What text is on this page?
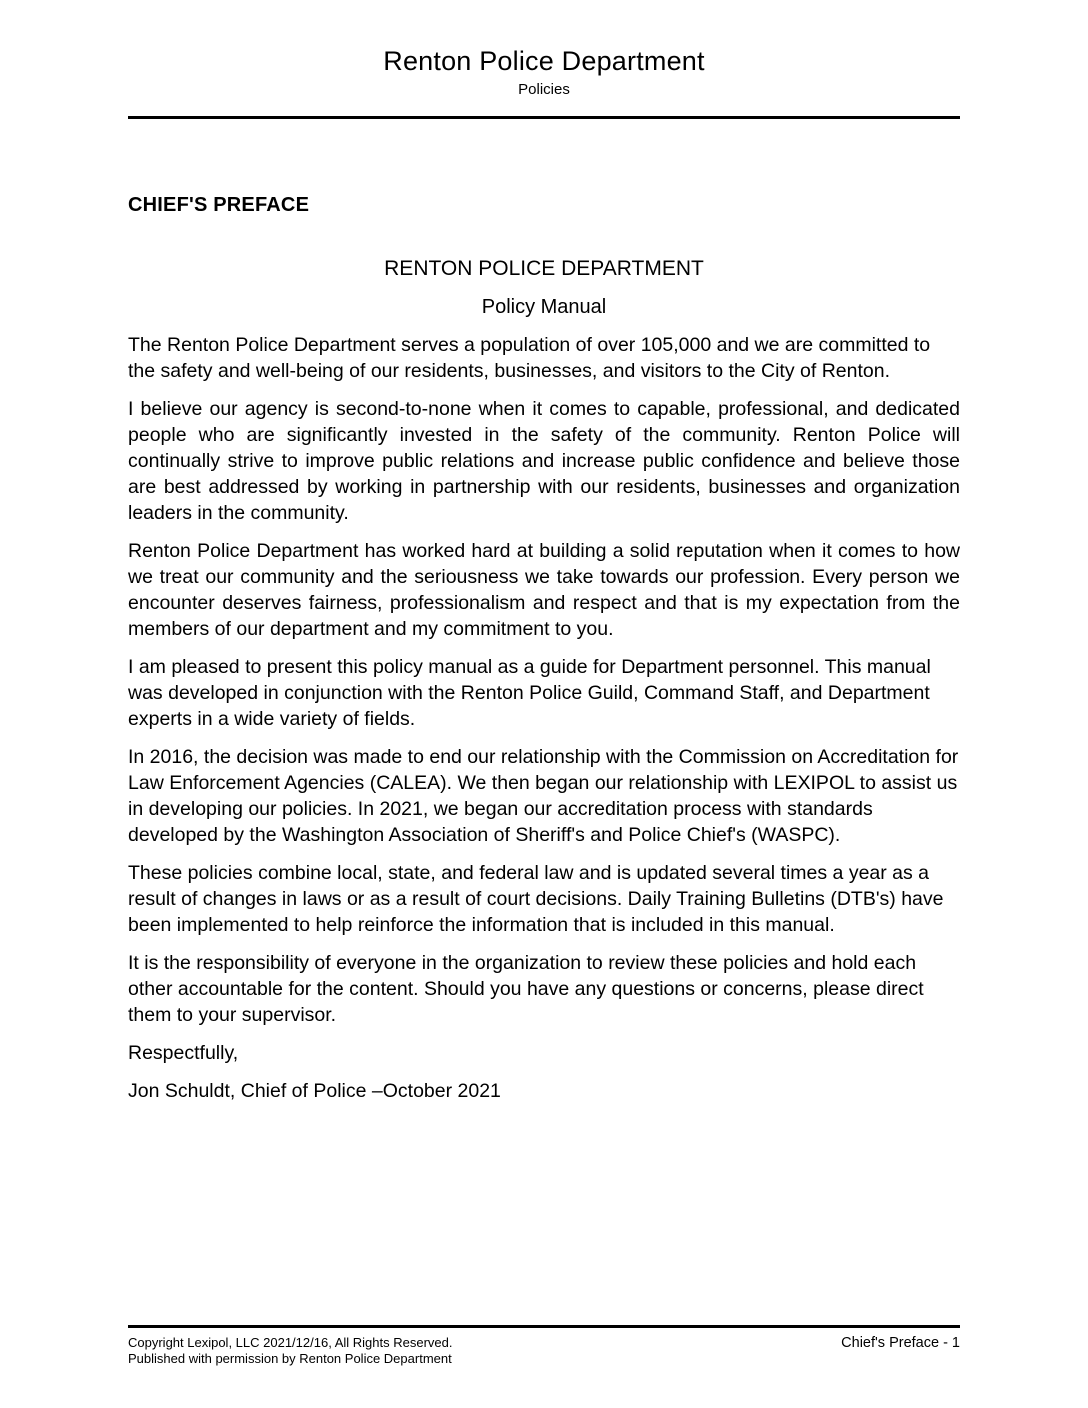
Renton Police Department
Policies
CHIEF'S PREFACE
RENTON POLICE DEPARTMENT
Policy Manual

The Renton Police Department serves a population of over 105,000 and we are committed to the safety and well-being of our residents, businesses, and visitors to the City of Renton.

I believe our agency is second-to-none when it comes to capable, professional, and dedicated people who are significantly invested in the safety of the community. Renton Police will continually strive to improve public relations and increase public confidence and believe those are best addressed by working in partnership with our residents, businesses and organization leaders in the community.

Renton Police Department has worked hard at building a solid reputation when it comes to how we treat our community and the seriousness we take towards our profession. Every person we encounter deserves fairness, professionalism and respect and that is my expectation from the members of our department and my commitment to you.

I am pleased to present this policy manual as a guide for Department personnel. This manual was developed in conjunction with the Renton Police Guild, Command Staff, and Department experts in a wide variety of fields.

In 2016, the decision was made to end our relationship with the Commission on Accreditation for Law Enforcement Agencies (CALEA). We then began our relationship with LEXIPOL to assist us in developing our policies. In 2021, we began our accreditation process with standards developed by the Washington Association of Sheriff's and Police Chief's (WASPC).

These policies combine local, state, and federal law and is updated several times a year as a result of changes in laws or as a result of court decisions. Daily Training Bulletins (DTB's) have been implemented to help reinforce the information that is included in this manual.

It is the responsibility of everyone in the organization to review these policies and hold each other accountable for the content. Should you have any questions or concerns, please direct them to your supervisor.

Respectfully,

Jon Schuldt, Chief of Police –October 2021

Copyright Lexipol, LLC 2021/12/16, All Rights Reserved.
Published with permission by Renton Police Department
Chief's Preface - 1
